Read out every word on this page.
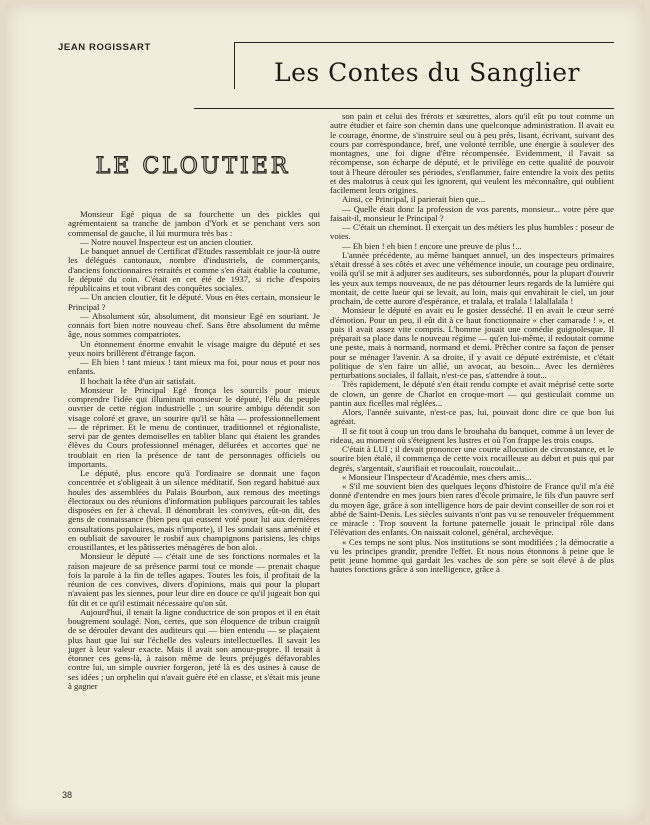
JEAN ROGISSART
Les Contes du Sanglier
LE CLOUTIER

Monsieur Egé piqua de sa fourchette un des pickles qui agrémentaient sa tranche de jambon d'York et se penchant vers son commensal de gauche, il lui murmura très bas :

— Notre nouvel Inspecteur est un ancien cloutier.

Le banquet annuel de Certificat d'Etudes rassemblait ce jour-là outre les délégués cantonaux, nombre d'industriels, de commerçants, d'anciens fonctionnaires retraités et comme s'en était établie la coutume, le député du coin. C'était en cet été de 1937, si riche d'espoirs républicains et tout vibrant des conquêtes sociales.

— Un ancien cloutier, fit le député. Vous en êtes certain, monsieur le Principal ?

— Absolument sûr, absolument, dit monsieur Egé en souriant. Je connais fort bien notre nouveau chef. Sans être absolument du même âge, nous sommes compatriotes.

Un étonnement énorme envahit le visage maigre du député et ses yeux noirs brillèrent d'étrange façon.

— Eh bien ! tant mieux ! tant mieux ma foi, pour nous et pour nos enfants.

Il hochait la tête d'un air satisfait.

Monsieur le Principal Egé fronça les sourcils pour mieux comprendre l'idée qui illuminait monsieur le député, l'élu du peuple ouvrier de cette région industrielle ; un sourire ambigu détendit son visage coloré et grave, un sourire qu'il se hâta — professionnellement — de réprimer. Et le menu de continuer, traditionnel et régionaliste, servi par de gentes demoiselles en tablier blanc qui étaient les grandes élèves du Cours professionnel ménager, délurées et accortes que ne troublait en rien la présence de tant de personnages officiels ou importants.

Le député, plus encore qu'à l'ordinaire se donnait une façon concentrée et s'obligeait à un silence méditatif. Son regard habitué aux houles des assemblées du Palais Bourbon, aux remous des meetings électoraux ou des réunions d'information publiques parcourait les tables disposées en fer à cheval. Il dénombrait les convives, eût-on dit, des gens de connaissance (bien peu qui eussent voté pour lui aux dernières consultations populaires, mais n'importe), il les sondait sans aménité et en oubliait de savourer le rosbif aux champignons parisiens, les chips croustillantes, et les pâtisseries ménagères de bon aloi.

Monsieur le député — c'était une de ses fonctions normales et la raison majeure de sa présence parmi tout ce monde — prenait chaque fois la parole à la fin de telles agapes. Toutes les fois, il profitait de la réunion de ces convives, divers d'opinions, mais qui pour la plupart n'avaient pas les siennes, pour leur dire en douce ce qu'il jugeait bon qui fût dit et ce qu'il estimait nécessaire qu'on sût.

Aujourd'hui, il tenait la ligne conductrice de son propos et il en était bougrement soulagé. Non, certes, que son éloquence de tribun craignît de se dérouler devant des auditeurs qui — bien entendu — se plaçaient plus haut que lui sur l'échelle des valeurs intellectuelles. Il savait les juger à leur valeur exacte. Mais il avait son amour-propre. Il tenait à étonner ces gens-là, à raison même de leurs préjugés défavorables contre lui, un simple ouvrier forgeron, jeté là es des usines à cause de ses idées ; un orphelin qui n'avait guère été en classe, et s'était mis jeune à gagner

son pain et celui des frérots et sœurettes, alors qu'il eût pu tout comme un autre étudier et faire son chemin dans une quelconque administration. Il avait eu le courage, énorme, de s'instruire seul ou à peu près, lisant, écrivant, suivant des cours par correspondance, bref, une volonté terrible, une énergie à soulever des montagnes, une foi digne d'être récompensée. Evidemment, il l'avait sa récompense, son écharpe de député, et le privilège en cette qualité de pouvoir tout à l'heure dérouler ses périodes, s'enflammer, faire entendre la voix des petits et des malotrus à ceux qui les ignorent, qui veulent les méconnaître, qui oublient facilement leurs origines.

Ainsi, ce Principal, il parierait bien que...

— Quelle était donc la profession de vos parents, monsieur... votre père que faisait-il, monsieur le Principal ?

— C'était un cheminot. Il exerçait un des métiers les plus humbles : poseur de voies.

— Eh bien ! eh bien ! encore une preuve de plus !...

L'année précédente, au même banquet annuel, un des inspecteurs primaires s'était dressé à ses côtés et avec une véhémence inouïe, un courage peu ordinaire, voilà qu'il se mit à adjurer ses auditeurs, ses subordonnés, pour la plupart d'ouvrir les yeux aux temps nouveaux, de ne pas détourner leurs regards de la lumière qui montait, de cette lueur qui se levait, au loin, mais qui envahirait le ciel, un jour prochain, de cette aurore d'espérance, et tralala, et tralala ! lalallalala !

Monsieur le député en avait eu le gosier desséché. Il en avait le cœur serré d'émotion. Pour un peu, il eût dit à ce haut fonctionnaire « cher camarade ! », et puis il avait assez vite compris. L'homme jouait une comédie guignolesque. Il préparait sa place dans le nouveau régime — qu'en lui-même, il redoutait comme une peste, mais à normand, normand et demi. Prêcher contre sa façon de penser pour se ménager l'avenir. A sa droite, il y avait ce député extrémiste, et c'était politique de s'en faire un allié, un avocat, au besoin... Avec les dernières perturbations sociales, il fallait, n'est-ce pas, s'attendre à tout...

Très rapidement, le député s'en était rendu compte et avait méprisé cette sorte de clown, un genre de Charlot en croque-mort — qui gesticulait comme un pantin aux ficelles mal réglées...

Alors, l'année suivante, n'est-ce pas, lui, pouvait donc dire ce que bon lui agréait.

Il se fit tout à coup un trou dans le brouhaha du banquet, comme à un lever de rideau, au moment où s'éteignent les lustres et où l'on frappe les trois coups.

C'était à LUI ; il devait prononcer une courte allocution de circonstance, et le sourire bien étalé, il commença de cette voix rocailleuse au début et puis qui par degrés, s'argentait, s'aurifiait et roucoulait, roucoulait...

« Monsieur l'Inspecteur d'Académie, mes chers amis...

« S'il me souvient bien des quelques leçons d'histoire de France qu'il m'a été donné d'entendre en mes jours bien rares d'école primaire, le fils d'un pauvre serf du moyen âge, grâce à son intelligence hors de pair devint conseiller de son roi et abbé de Saint-Denis. Les siècles suivants n'ont pas vu se renouveler fréquemment ce miracle : Trop souvent la fortune paternelle jouait le principal rôle dans l'élévation des enfants. On naissait colonel, général, archevêque.

« Ces temps ne sont plus. Nos institutions se sont modifiées ; la démocratie a vu les principes grandir, prendre l'effet. Et nous nous étonnons à peine que le petit jeune homme qui gardait les vaches de son père se soit élevé à de plus hautes fonctions grâce à son intelligence, grâce à

38
